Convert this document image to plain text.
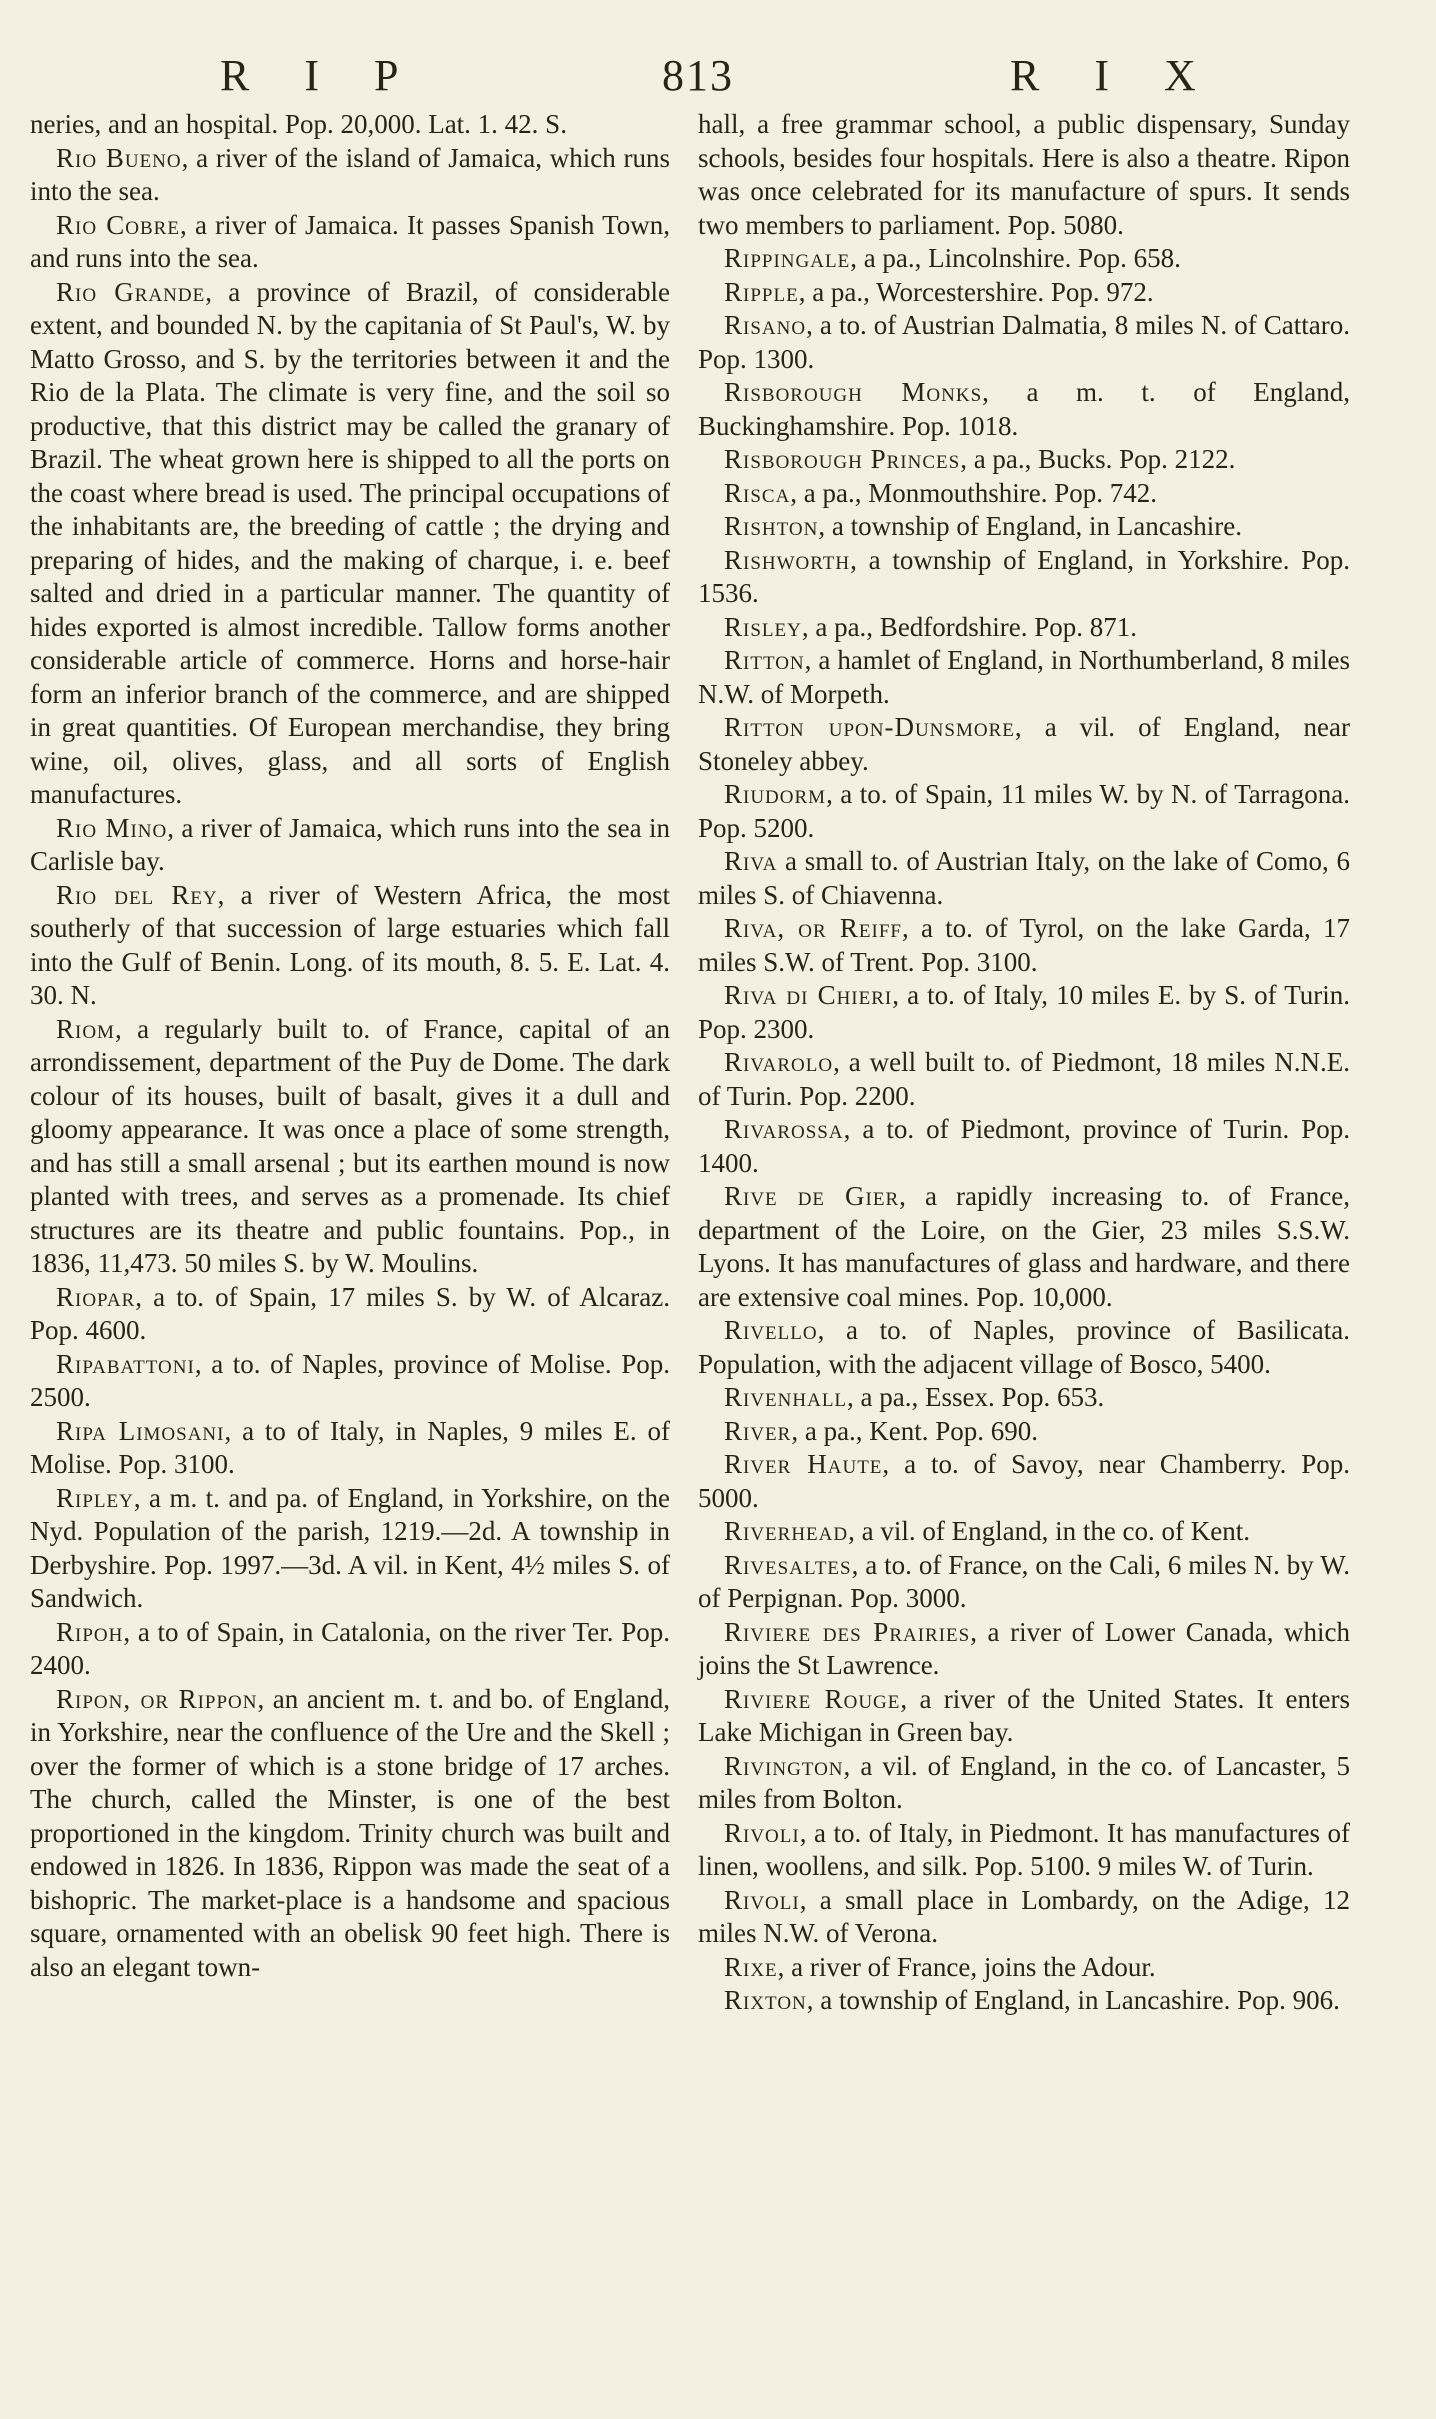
R I P	813	R I X

neries, and an hospital. Pop. 20,000. Lat. 1. 42. S.

Rio Bueno, a river of the island of Jamaica, which runs into the sea.

Rio Cobre, a river of Jamaica. It passes Spanish Town, and runs into the sea.

Rio Grande, a province of Brazil, of considerable extent, and bounded N. by the capitania of St Paul's, W. by Matto Grosso, and S. by the territories between it and the Rio de la Plata. The climate is very fine, and the soil so productive, that this district may be called the granary of Brazil. The wheat grown here is shipped to all the ports on the coast where bread is used. The principal occupations of the inhabitants are, the breeding of cattle ; the drying and preparing of hides, and the making of charque, i. e. beef salted and dried in a particular manner. The quantity of hides exported is almost incredible. Tallow forms another considerable article of commerce. Horns and horse-hair form an inferior branch of the commerce, and are shipped in great quantities. Of European merchandise, they bring wine, oil, olives, glass, and all sorts of English manufactures.

Rio Mino, a river of Jamaica, which runs into the sea in Carlisle bay.

Rio del Rey, a river of Western Africa, the most southerly of that succession of large estuaries which fall into the Gulf of Benin. Long. of its mouth, 8. 5. E. Lat. 4. 30. N.

Riom, a regularly built to. of France, capital of an arrondissement, department of the Puy de Dome. The dark colour of its houses, built of basalt, gives it a dull and gloomy appearance. It was once a place of some strength, and has still a small arsenal ; but its earthen mound is now planted with trees, and serves as a promenade. Its chief structures are its theatre and public fountains. Pop., in 1836, 11,473. 50 miles S. by W. Moulins.

Riopar, a to. of Spain, 17 miles S. by W. of Alcaraz. Pop. 4600.

Ripabattoni, a to. of Naples, province of Molise. Pop. 2500.

Ripa Limosani, a to of Italy, in Naples, 9 miles E. of Molise. Pop. 3100.

Ripley, a m. t. and pa. of England, in Yorkshire, on the Nyd. Population of the parish, 1219.—2d. A township in Derbyshire. Pop. 1997.—3d. A vil. in Kent, 4½ miles S. of Sandwich.

Ripoh, a to of Spain, in Catalonia, on the river Ter. Pop. 2400.

Ripon, or Rippon, an ancient m. t. and bo. of England, in Yorkshire, near the confluence of the Ure and the Skell ; over the former of which is a stone bridge of 17 arches. The church, called the Minster, is one of the best proportioned in the kingdom. Trinity church was built and endowed in 1826. In 1836, Rippon was made the seat of a bishopric. The market-place is a handsome and spacious square, ornamented with an obelisk 90 feet high. There is also an elegant town-

hall, a free grammar school, a public dispensary, Sunday schools, besides four hospitals. Here is also a theatre. Ripon was once celebrated for its manufacture of spurs. It sends two members to parliament. Pop. 5080.

Rippingale, a pa., Lincolnshire. Pop. 658.

Ripple, a pa., Worcestershire. Pop. 972.

Risano, a to. of Austrian Dalmatia, 8 miles N. of Cattaro. Pop. 1300.

Risborough Monks, a m. t. of England, Buckinghamshire. Pop. 1018.

Risborough Princes, a pa., Bucks. Pop. 2122.

Risca, a pa., Monmouthshire. Pop. 742.

Rishton, a township of England, in Lancashire.

Rishworth, a township of England, in Yorkshire. Pop. 1536.

Risley, a pa., Bedfordshire. Pop. 871.

Ritton, a hamlet of England, in Northumberland, 8 miles N.W. of Morpeth.

Ritton upon-Dunsmore, a vil. of England, near Stoneley abbey.

Riudorm, a to. of Spain, 11 miles W. by N. of Tarragona. Pop. 5200.

Riva a small to. of Austrian Italy, on the lake of Como, 6 miles S. of Chiavenna.

Riva, or Reiff, a to. of Tyrol, on the lake Garda, 17 miles S.W. of Trent. Pop. 3100.

Riva di Chieri, a to. of Italy, 10 miles E. by S. of Turin. Pop. 2300.

Rivarolo, a well built to. of Piedmont, 18 miles N.N.E. of Turin. Pop. 2200.

Rivarossa, a to. of Piedmont, province of Turin. Pop. 1400.

Rive de Gier, a rapidly increasing to. of France, department of the Loire, on the Gier, 23 miles S.S.W. Lyons. It has manufactures of glass and hardware, and there are extensive coal mines. Pop. 10,000.

Rivello, a to. of Naples, province of Basilicata. Population, with the adjacent village of Bosco, 5400.

Rivenhall, a pa., Essex. Pop. 653.

River, a pa., Kent. Pop. 690.

River Haute, a to. of Savoy, near Chamberry. Pop. 5000.

Riverhead, a vil. of England, in the co. of Kent.

Rivesaltes, a to. of France, on the Cali, 6 miles N. by W. of Perpignan. Pop. 3000.

Riviere des Prairies, a river of Lower Canada, which joins the St Lawrence.

Riviere Rouge, a river of the United States. It enters Lake Michigan in Green bay.

Rivington, a vil. of England, in the co. of Lancaster, 5 miles from Bolton.

Rivoli, a to. of Italy, in Piedmont. It has manufactures of linen, woollens, and silk. Pop. 5100. 9 miles W. of Turin.

Rivoli, a small place in Lombardy, on the Adige, 12 miles N.W. of Verona.

Rixe, a river of France, joins the Adour.

Rixton, a township of England, in Lancashire. Pop. 906.
